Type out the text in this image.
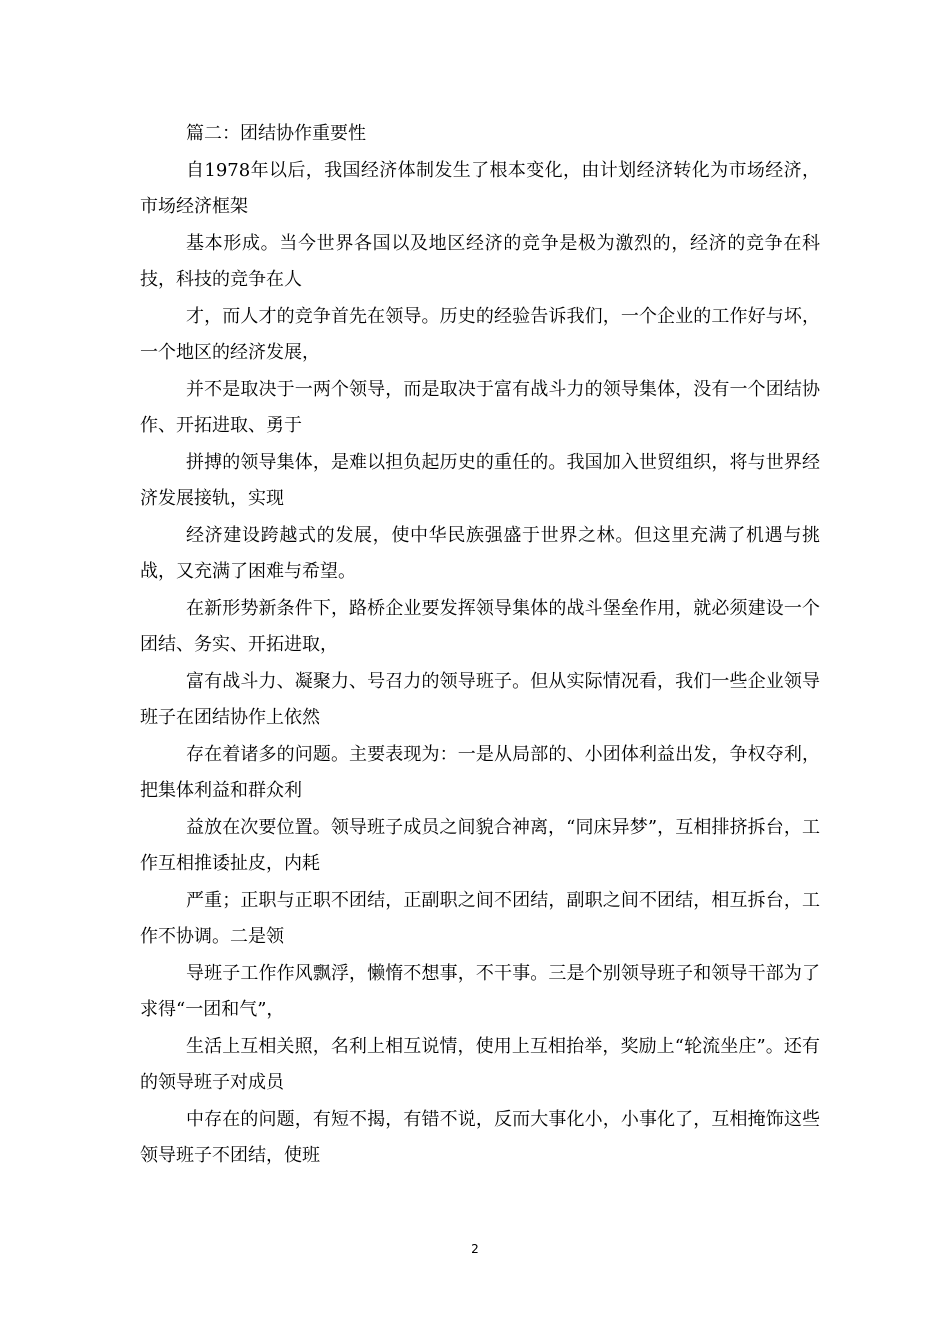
篇二：团结协作重要性

自1978年以后，我国经济体制发生了根本变化，由计划经济转化为市场经济，市场经济框架

基本形成。当今世界各国以及地区经济的竞争是极为激烈的，经济的竞争在科技，科技的竞争在人

才，而人才的竞争首先在领导。历史的经验告诉我们，一个企业的工作好与坏，一个地区的经济发展，

并不是取决于一两个领导，而是取决于富有战斗力的领导集体，没有一个团结协作、开拓进取、勇于

拼搏的领导集体，是难以担负起历史的重任的。我国加入世贸组织，将与世界经济发展接轨，实现

经济建设跨越式的发展，使中华民族强盛于世界之林。但这里充满了机遇与挑战，又充满了困难与希望。

在新形势新条件下，路桥企业要发挥领导集体的战斗堡垒作用，就必须建设一个团结、务实、开拓进取，

富有战斗力、凝聚力、号召力的领导班子。但从实际情况看，我们一些企业领导班子在团结协作上依然

存在着诸多的问题。主要表现为：一是从局部的、小团体利益出发，争权夺利，把集体利益和群众利

益放在次要位置。领导班子成员之间貌合神离，“同床异梦”，互相排挤拆台，工作互相推诿扯皮，内耗

严重；正职与正职不团结，正副职之间不团结，副职之间不团结，相互拆台，工作不协调。二是领

导班子工作作风飘浮，懒惰不想事，不干事。三是个别领导班子和领导干部为了求得“一团和气”，

生活上互相关照，名利上相互说情，使用上互相抬举，奖励上“轮流坐庄”。还有的领导班子对成员

中存在的问题，有短不揭，有错不说，反而大事化小，小事化了，互相掩饰这些领导班子不团结，使班

2
